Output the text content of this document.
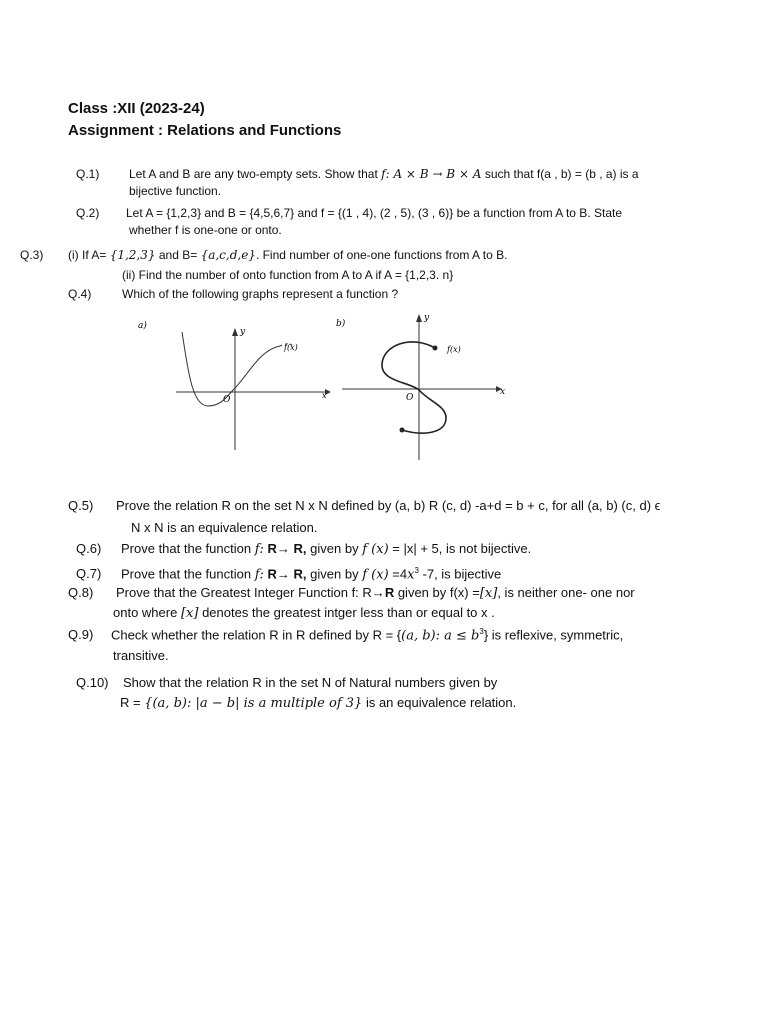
Class :XII (2023-24)
Assignment : Relations and Functions
Q.1) Let A and B are any two-empty sets. Show that f: A × B → B × A such that f(a , b) = (b , a) is a
bijective function.
Q.2) Let A = {1,2,3} and B = {4,5,6,7} and f = {(1 , 4), (2 , 5), (3 , 6)} be a function from A to B. State
whether f is one-one or onto.
Q.3) (i) If A= {1,2,3} and B= {a,c,d,e}. Find number of one-one functions from A to B.
(ii) Find the number of onto function from A to A if A = {1,2,3. n}
Q.4)	Which of the following graphs represent a function ?
a)
y
x
O
f(x)
b)
y
x
O
f(x)
Q.5) Prove the relation R on the set N x N defined by (a, b) R (c, d) -a+d = b + c, for all (a, b) (c, d) ϵ
N x N is an equivalence relation.
Q.6) Prove that the function f: R→ R, given by f (x) = |x| + 5, is not bijective.
Q.7) Prove that the function f: R→ R, given by f $(x) =4x^3$ -7, is bijective
Q.8) Prove that the Greatest Integer Function f: R→R given by f(x) =[x], is neither one- one nor
onto where [x] denotes the greatest intger less than or equal to x .
Q.9) Check whether the relation R in R defined by R = {(a, b): $a \le b^3$} is reflexive, symmetric,
transitive.
Q.10) Show that the relation R in the set N of Natural numbers given by
R = {(a, b): |a − b| is a multiple of 3} is an equivalence relation.
